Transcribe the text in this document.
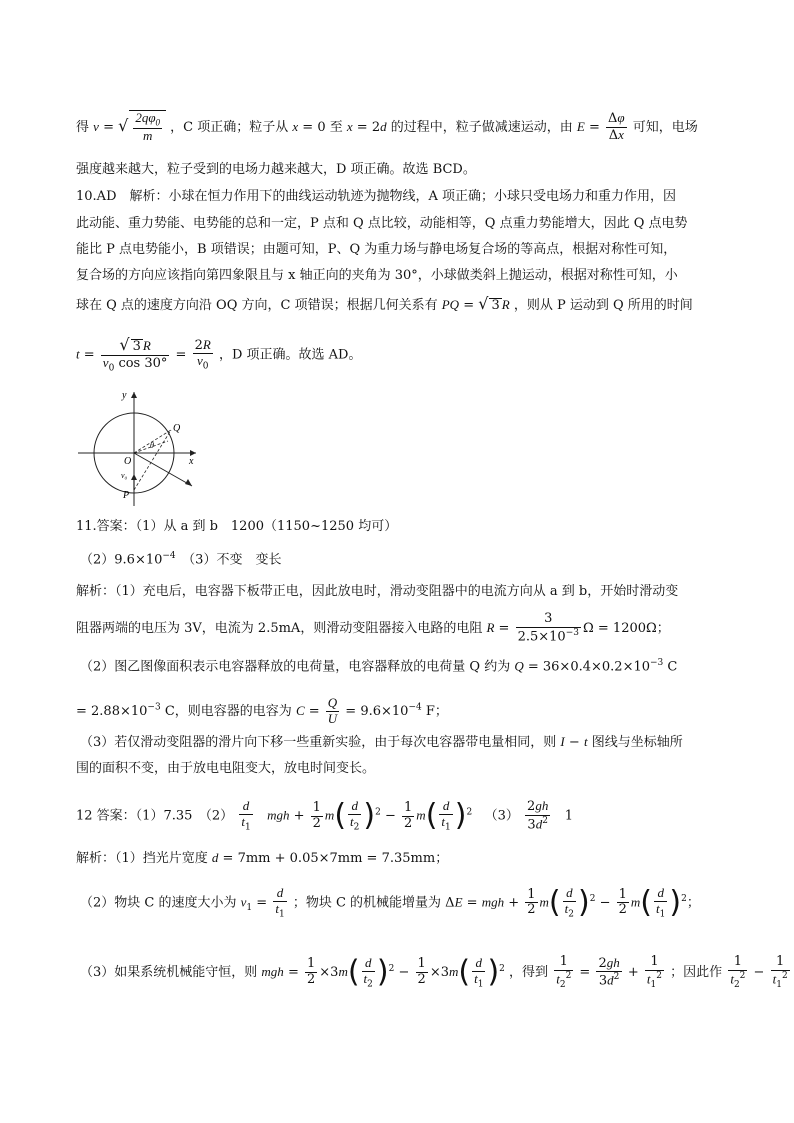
得 v = √ $\frac{2q\varphi_0}{m}$ ，C 项正确；粒子从 x = 0 至 x = 2d 的过程中，粒子做减速运动，由 $E = \frac{\Delta\varphi}{\Delta x}$ 可知，电场
强度越来越大，粒子受到的电场力越来越大，D 项正确。故选 BCD。
10.AD　解析：小球在恒力作用下的曲线运动轨迹为抛物线，A 项正确；小球只受电场力和重力作用，因
此动能、重力势能、电势能的总和一定，P 点和 Q 点比较，动能相等，Q 点重力势能增大，因此 Q 点电势
能比 P 点电势能小，B 项错误；由题可知，P、Q 为重力场与静电场复合场的等高点，根据对称性可知，
复合场的方向应该指向第四象限且与 x 轴正向的夹角为 30°，小球做类斜上抛运动，根据对称性可知，小
球在 Q 点的速度方向沿 OQ 方向，C 项错误；根据几何关系有 PQ = √ 3 R ，则从 P 运动到 Q 所用的时间
$t = \frac{√ 3 R}{v_0 \cos 30^\circ} = \frac{2R}{v_0}$ ，D 项正确。故选 AD。
y
x
O
Q
P
θ
v₀
11.答案：（1）从 a 到 b　1200（1150~1250 均可）
$(2)9.6\times 10^{-4}$　（3）不变　变长
解析：（1）充电后，电容器下板带正电，因此放电时，滑动变阻器中的电流方向从 a 到 b，开始时滑动变
阻器两端的电压为 3V，电流为 2.5mA，则滑动变阻器接入电路的电阻 $R = \frac{3}{2.5\times 10^{-3}}$ Ω = 1200Ω；
（2）图乙图像面积表示电容器释放的电荷量，电容器释放的电荷量 Q 约为 $Q = 36\times 0.4\times 0.2\times 10^{-3}$ C
= $2.88\times 10^{-3}$ C，则电容器的电容为 $C = \frac{Q}{U} = 9.6\times 10^{-4}$ F；
（3）若仅滑动变阻器的滑片向下移一些重新实验，由于每次电容器带电量相同，则 I − t 图线与坐标轴所
围的面积不变，由于放电电阻变大，放电时间变长。
12 答案：（1）7.35　$(2) \frac{d}{t_1}$ mgh + $\frac{1}{2} m( \frac{d}{t_2} )^2 - \frac{1}{2} m( \frac{d}{t_1} )^2$ $(3) \frac{2gh}{3d^2} 1$
解析：（1）挡光片宽度 d = 7mm + 0.05×7mm = 7.35mm；
（2）物块 C 的速度大小为 $v_1 = \frac{d}{t_1}$ ；物块 C 的机械能增量为 ΔE = mgh + $\frac{1}{2} m( \frac{d}{t_2} )^2 - \frac{1}{2} m( \frac{d}{t_1} )^2$；
（3）如果系统机械能守恒，则 mgh = $\frac{1}{2} \times 3m( \frac{d}{t_2} )^2 - \frac{1}{2} \times 3m( \frac{d}{t_1} )^2$ ，得到 $\frac{1}{t_2^2} = \frac{2gh}{3d^2} + \frac{1}{t_1^2}$ ；因此作 $\frac{1}{t_2^2} - \frac{1}{t_1^2}$
